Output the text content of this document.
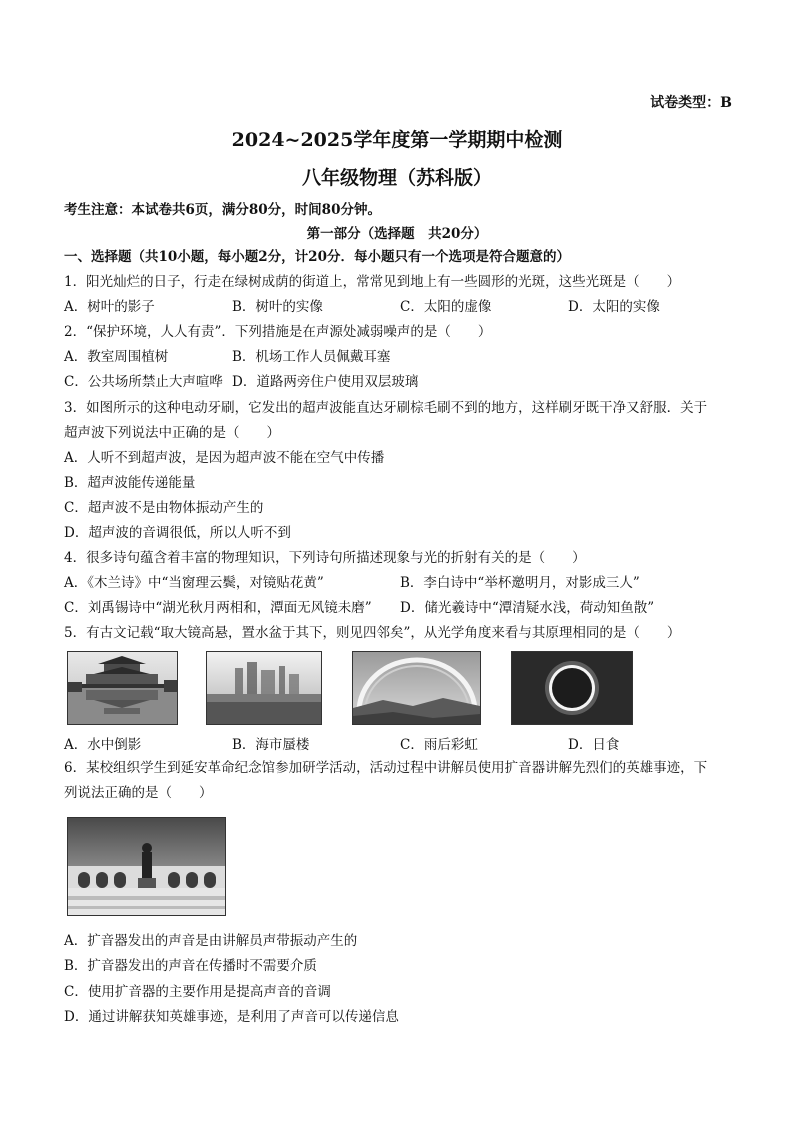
试卷类型：B
2024~2025学年度第一学期期中检测
八年级物理（苏科版）
考生注意：本试卷共6页，满分80分，时间80分钟。
第一部分（选择题　共20分）
一、选择题（共10小题，每小题2分，计20分．每小题只有一个选项是符合题意的）
1．阳光灿烂的日子，行走在绿树成荫的街道上，常常见到地上有一些圆形的光斑，这些光斑是（　　）
A．树叶的影子	B．树叶的实像	C．太阳的虚像	D．太阳的实像
2．“保护环境，人人有责”．下列措施是在声源处减弱噪声的是（　　）
A．教室周围植树	B．机场工作人员佩戴耳塞
C．公共场所禁止大声喧哗 D．道路两旁住户使用双层玻璃
3．如图所示的这种电动牙刷，它发出的超声波能直达牙刷棕毛刷不到的地方，这样刷牙既干净又舒服．关于
超声波下列说法中正确的是（　　）
A．人听不到超声波，是因为超声波不能在空气中传播
B．超声波能传递能量
C．超声波不是由物体振动产生的
D．超声波的音调很低，所以人听不到
4．很多诗句蕴含着丰富的物理知识，下列诗句所描述现象与光的折射有关的是（　　）
A．《木兰诗》中“当窗理云鬓，对镜贴花黄”	B．李白诗中“举杯邀明月，对影成三人”
C．刘禹锡诗中“湖光秋月两相和，潭面无风镜未磨” D．储光羲诗中“潭清疑水浅，荷动知鱼散”
5．有古文记载“取大镜高悬，置水盆于其下，则见四邻矣”，从光学角度来看与其原理相同的是（　　）
A．水中倒影	B．海市蜃楼	C．雨后彩虹	D．日食
6．某校组织学生到延安革命纪念馆参加研学活动，活动过程中讲解员使用扩音器讲解先烈们的英雄事迹，下
列说法正确的是（　　）
A．扩音器发出的声音是由讲解员声带振动产生的
B．扩音器发出的声音在传播时不需要介质
C．使用扩音器的主要作用是提高声音的音调
D．通过讲解获知英雄事迹，是利用了声音可以传递信息
